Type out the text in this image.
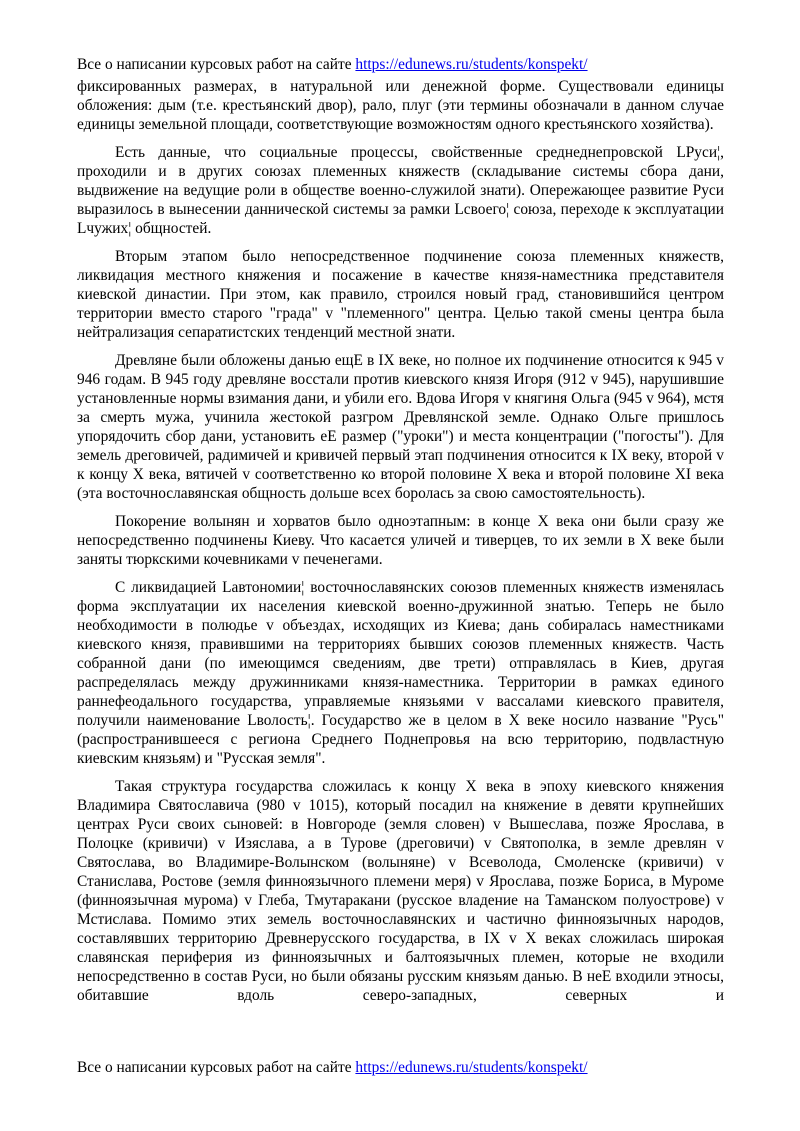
Все о написании курсовых работ на сайте https://edunews.ru/students/konspekt/

фиксированных размерах, в натуральной или денежной форме. Существовали единицы обложения: дым (т.е. крестьянский двор), рало, плуг (эти термины обозначали в данном случае единицы земельной площади, соответствующие возможностям одного крестьянского хозяйства).

Есть данные, что социальные процессы, свойственные среднеднепровской LРуси¦, проходили и в других союзах племенных княжеств (складывание системы сбора дани, выдвижение на ведущие роли в обществе военно-служилой знати). Опережающее развитие Руси выразилось в вынесении даннической системы за рамки Lсвоего¦ союза, переходе к эксплуатации Lчужих¦ общностей.

Вторым этапом было непосредственное подчинение союза племенных княжеств, ликвидация местного княжения и посажение в качестве князя-наместника представителя киевской династии. При этом, как правило, строился новый град, становившийся центром территории вместо старого "града" v "племенного" центра. Целью такой смены центра была нейтрализация сепаратистских тенденций местной знати.

Древляне были обложены данью ещЕ в IX веке, но полное их подчинение относится к 945 v 946 годам. В 945 году древляне восстали против киевского князя Игоря (912 v 945), нарушившие установленные нормы взимания дани, и убили его. Вдова Игоря v княгиня Ольга (945 v 964), мстя за смерть мужа, учинила жестокой разгром Древлянской земле. Однако Ольге пришлось упорядочить сбор дани, установить еЕ размер ("уроки") и места концентрации ("погосты"). Для земель дреговичей, радимичей и кривичей первый этап подчинения относится к IX веку, второй v к концу X века, вятичей v соответственно ко второй половине X века и второй половине XI века (эта восточнославянская общность дольше всех боролась за свою самостоятельность).

Покорение волынян и хорватов было одноэтапным: в конце X века они были сразу же непосредственно подчинены Киеву. Что касается уличей и тиверцев, то их земли в X веке были заняты тюркскими кочевниками v печенегами.

С ликвидацией Lавтономии¦ восточнославянских союзов племенных княжеств изменялась форма эксплуатации их населения киевской военно-дружинной знатью. Теперь не было необходимости в полюдье v объездах, исходящих из Киева; дань собиралась наместниками киевского князя, правившими на территориях бывших союзов племенных княжеств. Часть собранной дани (по имеющимся сведениям, две трети) отправлялась в Киев, другая распределялась между дружинниками князя-наместника. Территории в рамках единого раннефеодального государства, управляемые князьями v вассалами киевского правителя, получили наименование Lволость¦. Государство же в целом в X веке носило название "Русь" (распространившееся с региона Среднего Поднепровья на всю территорию, подвластную киевским князьям) и "Русская земля".

Такая структура государства сложилась к концу X века в эпоху киевского княжения Владимира Святославича (980 v 1015), который посадил на княжение в девяти крупнейших центрах Руси своих сыновей: в Новгороде (земля словен) v Вышеслава, позже Ярослава, в Полоцке (кривичи) v Изяслава, а в Турове (дреговичи) v Святополка, в земле древлян v Святослава, во Владимире-Волынском (волыняне) v Всеволода, Смоленске (кривичи) v Станислава, Ростове (земля финноязычного племени меря) v Ярослава, позже Бориса, в Муроме (финноязычная мурома) v Глеба, Тмутаракани (русское владение на Таманском полуострове) v Мстислава. Помимо этих земель восточнославянских и частично финноязычных народов, составлявших территорию Древнерусского государства, в IX v X веках сложилась широкая славянская периферия из финноязычных и балтоязычных племен, которые не входили непосредственно в состав Руси, но были обязаны русским князьям данью. В неЕ входили этносы, обитавшие вдоль северо-западных, северных и

Все о написании курсовых работ на сайте https://edunews.ru/students/konspekt/
